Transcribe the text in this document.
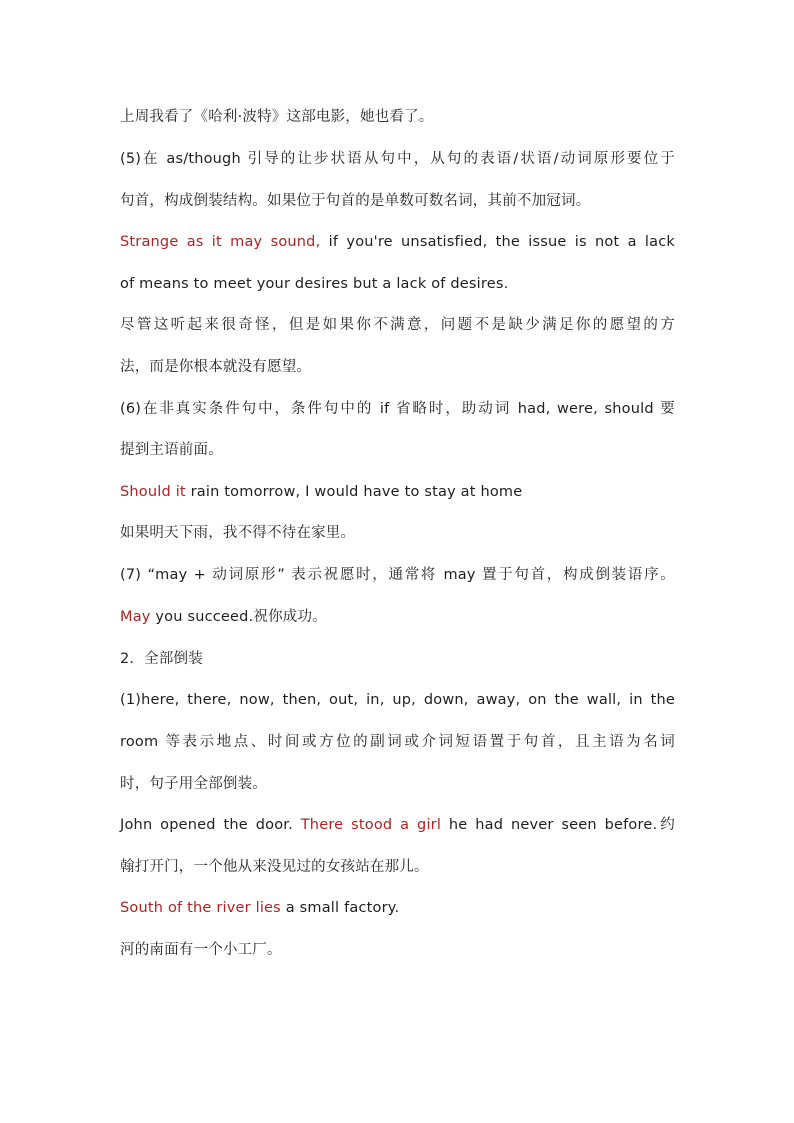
上周我看了《哈利·波特》这部电影，她也看了。
(5)在 as/though 引导的让步状语从句中，从句的表语/状语/动词原形要位于
句首，构成倒装结构。如果位于句首的是单数可数名词，其前不加冠词。
Strange as it may sound, if you're unsatisfied, the issue is not a lack
of means to meet your desires but a lack of desires.
尽管这听起来很奇怪，但是如果你不满意，问题不是缺少满足你的愿望的方
法，而是你根本就没有愿望。
(6)在非真实条件句中，条件句中的 if 省略时，助动词 had, were, should 要
提到主语前面。
Should it rain tomorrow, I would have to stay at home
如果明天下雨，我不得不待在家里。
(7) “may + 动词原形” 表示祝愿时，通常将 may 置于句首，构成倒装语序。
May you succeed.祝你成功。
2．全部倒装
(1)here, there, now, then, out, in, up, down, away, on the wall, in the
room 等表示地点、时间或方位的副词或介词短语置于句首，且主语为名词
时，句子用全部倒装。
John opened the door. There stood a girl he had never seen before.约
翰打开门，一个他从来没见过的女孩站在那儿。
South of the river lies a small factory.
河的南面有一个小工厂。
